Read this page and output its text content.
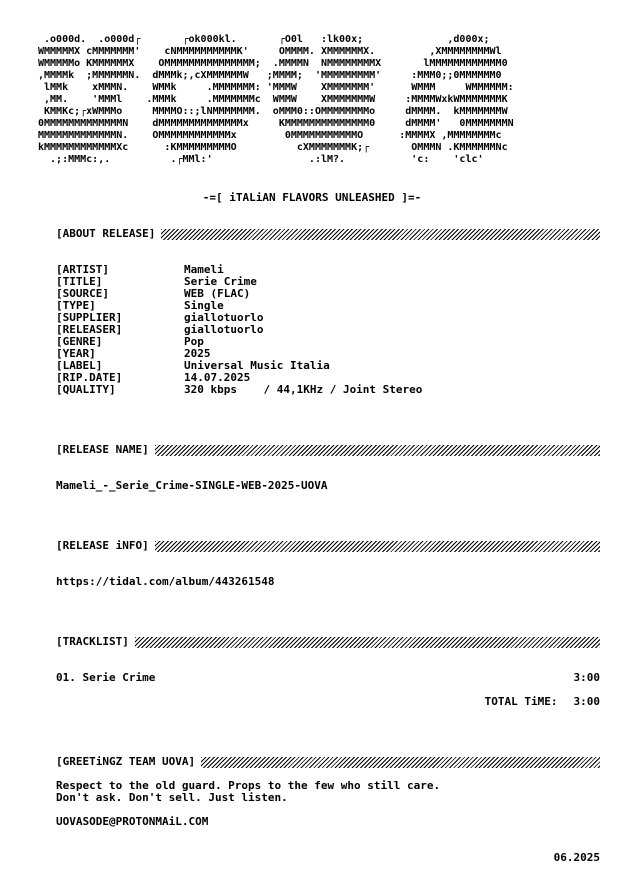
.o000d.  .o000d┌       ┌ok000kl.       ┌O0l   :lk00x;              ,d000x;
WMMMMMX cMMMMMMM'    cNMMMMMMMMMMK'     OMMMM. XMMMMMMX.         ,XMMMMMMMMWl
WMMMMMo KMMMMMMX    OMMMMMMMMMMMMMMM;  .MMMMN  NMMMMMMMMX       lMMMMMMMMMMMM0
,MMMMk  ;MMMMMMN.  dMMMk;,cXMMMMMMW   ;MMMM;  'MMMMMMMMM'     :MMM0;;0MMMMMM0
lMMk    xMMMN.    WMMk     .MMMMMMM: 'MMMW    XMMMMMMM'      WMMM     WMMMMMM:
,MM.    'MMMl    .MMMk     .MMMMMMMc  WMMW    XMMMMMMMW     :MMMMWxkWMMMMMMMK
KMMKc;┌xWMMMo     MMMMO::;lNMMMMMMM.  oMMM0::OMMMMMMMMo     dMMMM.  kMMMMMMMW
0MMMMMMMMMMMMMN    dMMMMMMMMMMMMMMx     KMMMMMMMMMMMMMM0     dMMMM'   0MMMMMMMN
MMMMMMMMMMMMMN.    OMMMMMMMMMMMMx        0MMMMMMMMMMMO      :MMMMX ,MMMMMMMMc
kMMMMMMMMMMMMXc      :KMMMMMMMMMO          cXMMMMMMMK;┌       OMMMN .KMMMMMMNc
.;:MMMc:,.          .┌MMl:'                .:lM?.           'c:    'clc'
-=[ iTALiAN FLAVORS UNLEASHED ]=-
[ABOUT RELEASE]
[ARTIST]	Mameli
[TITLE]	Serie Crime
[SOURCE]	WEB (FLAC)
[TYPE]	Single
[SUPPLIER]	giallotuorlo
[RELEASER]	giallotuorlo
[GENRE]	Pop
[YEAR]	2025
[LABEL]	Universal Music Italia
[RIP.DATE]	14.07.2025
[QUALITY]	320 kbps    / 44,1KHz / Joint Stereo
[RELEASE NAME]
Mameli_-_Serie_Crime-SINGLE-WEB-2025-UOVA
[RELEASE iNFO]
https://tidal.com/album/443261548
[TRACKLIST]
01. Serie Crime	3:00
TOTAL TiME: 3:00
[GREETiNGZ TEAM UOVA]
Respect to the old guard. Props to the few who still care.
Don't ask. Don't sell. Just listen.
UOVASODE@PROTONMAiL.COM
06.2025
